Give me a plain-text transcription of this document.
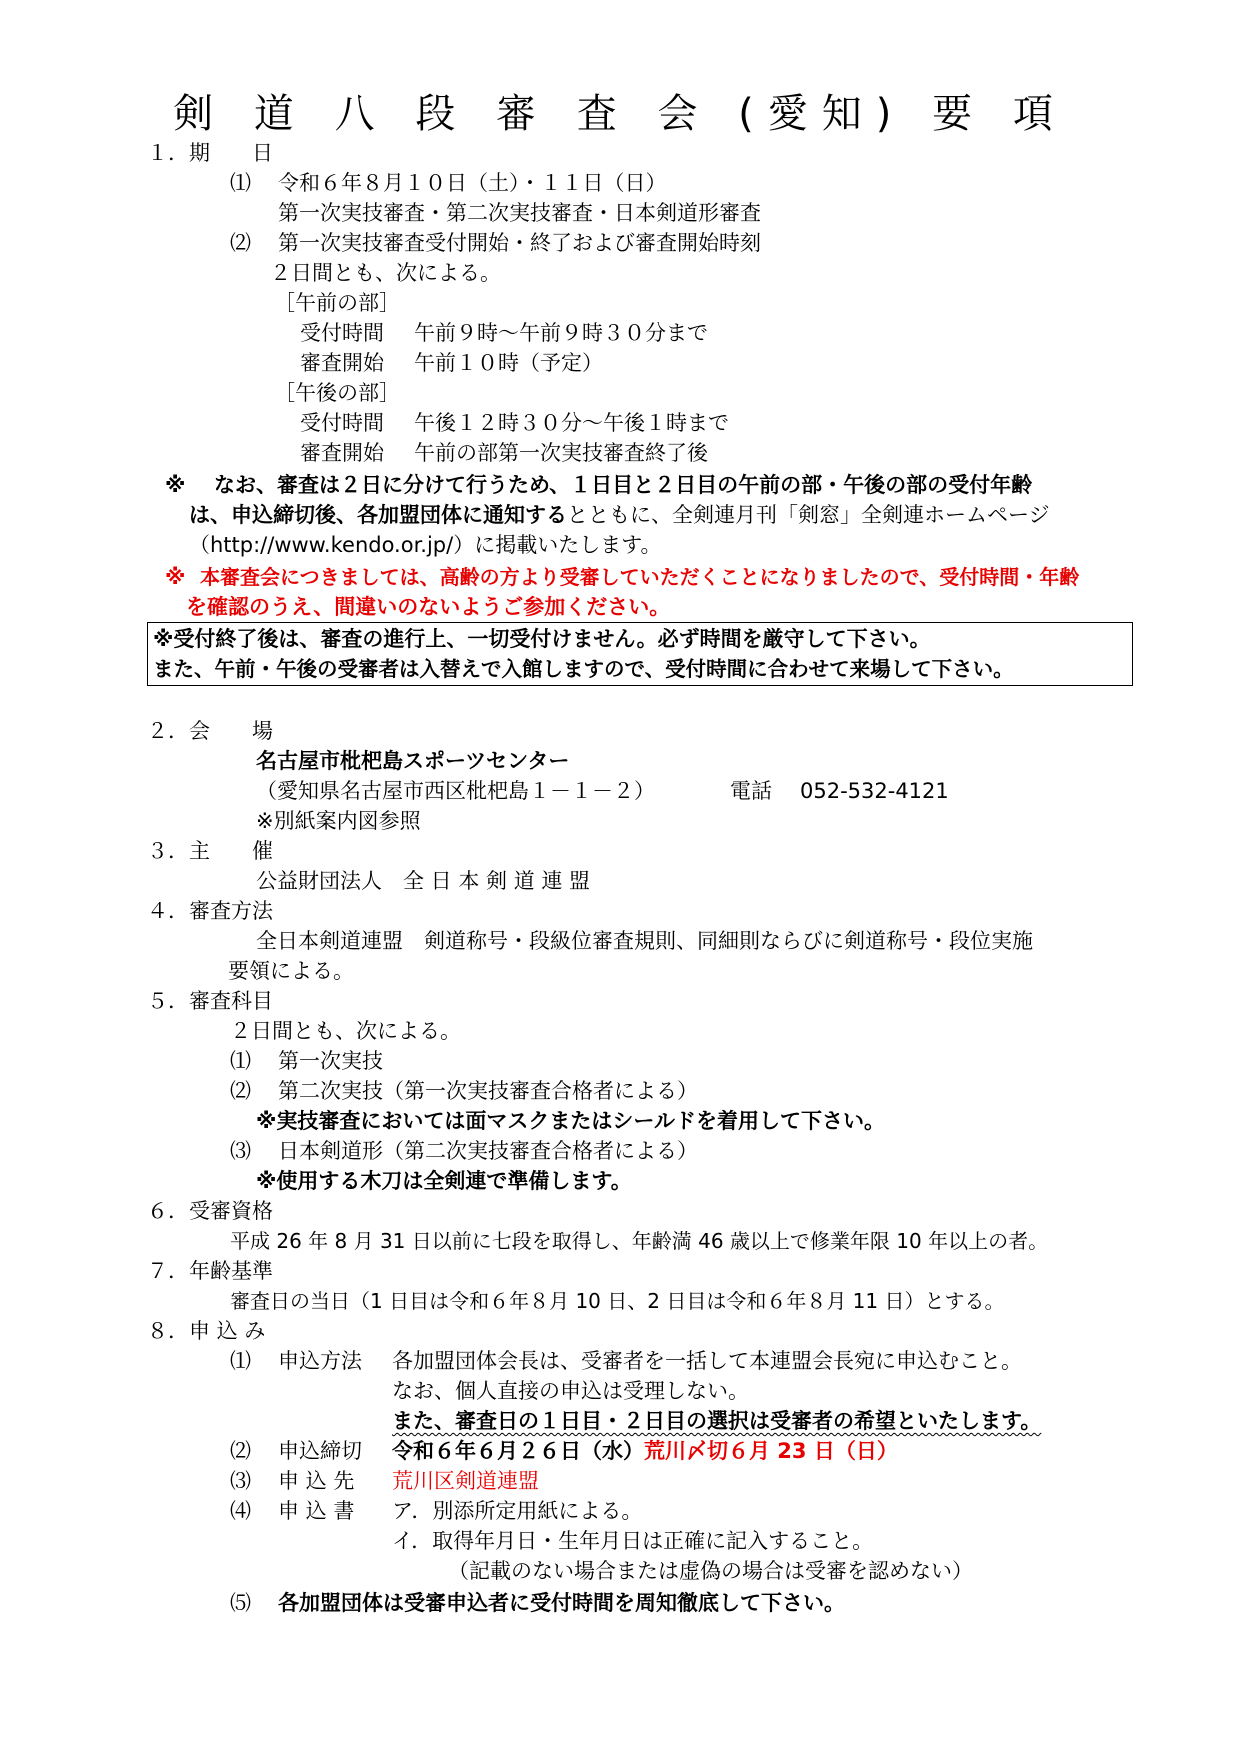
剣 道 八 段 審 査 会 (愛知) 要 項
１．期　　日
⑴ 令和６年８月１０日（土）・１１日（日）
第一次実技審査・第二次実技審査・日本剣道形審査
⑵ 第一次実技審査受付開始・終了および審査開始時刻
２日間とも、次による。
［午前の部］
受付時間 午前９時～午前９時３０分まで
審査開始 午前１０時（予定）
［午後の部］
受付時間 午後１２時３０分～午後１時まで
審査開始 午前の部第一次実技審査終了後
※ なお、審査は２日に分けて行うため、１日目と２日目の午前の部・午後の部の受付年齢
は、申込締切後、各加盟団体に通知するとともに、全剣連月刊「剣窓」全剣連ホームページ
（http://www.kendo.or.jp/）に掲載いたします。
※ 本審査会につきましては、高齢の方より受審していただくことになりましたので、受付時間・年齢
を確認のうえ、間違いのないようご参加ください。
※受付終了後は、審査の進行上、一切受付けません。必ず時間を厳守して下さい。
また、午前・午後の受審者は入替えで入館しますので、受付時間に合わせて来場して下さい。
２．会　　場
名古屋市枇杷島スポーツセンター
（愛知県名古屋市西区枇杷島１－１－２）	電話 052-532-4121
※別紙案内図参照
３．主　　催
公益財団法人　全 日 本 剣 道 連 盟
４．審査方法
全日本剣道連盟　剣道称号・段級位審査規則、同細則ならびに剣道称号・段位実施
要領による。
５．審査科目
２日間とも、次による。
⑴ 第一次実技
⑵ 第二次実技（第一次実技審査合格者による）
※実技審査においては面マスクまたはシールドを着用して下さい。
⑶ 日本剣道形（第二次実技審査合格者による）
※使用する木刀は全剣連で準備します。
６．受審資格
平成 26 年 8 月 31 日以前に七段を取得し、年齢満 46 歳以上で修業年限 10 年以上の者。
７．年齢基準
審査日の当日（1 日目は令和６年８月 10 日、2 日目は令和６年８月 11 日）とする。
８．申 込 み
⑴ 申込方法 各加盟団体会長は、受審者を一括して本連盟会長宛に申込むこと。
なお、個人直接の申込は受理しない。
また、審査日の１日目・２日目の選択は受審者の希望といたします。
⑵ 申込締切 令和６年６月２６日（水）荒川〆切６月 23 日（日）
⑶ 申 込 先 荒川区剣道連盟
⑷ 申 込 書 ア．別添所定用紙による。
イ．取得年月日・生年月日は正確に記入すること。
（記載のない場合または虚偽の場合は受審を認めない）
⑸ 各加盟団体は受審申込者に受付時間を周知徹底して下さい。
